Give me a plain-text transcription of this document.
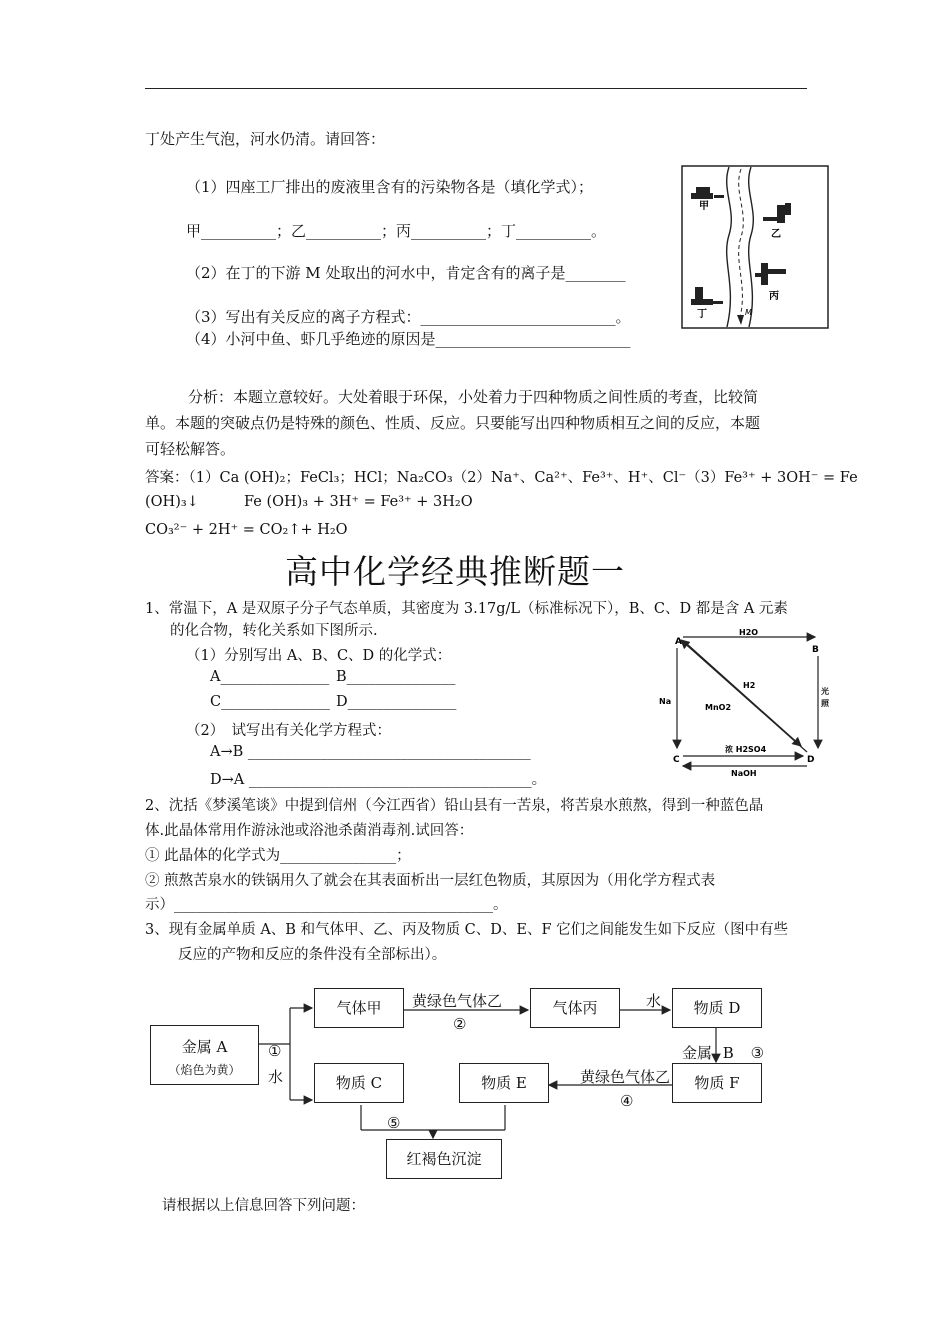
丁处产生气泡，河水仍清。请回答：
（1）四座工厂排出的废液里含有的污染物各是（填化学式）；
甲__________；乙__________；丙__________；丁__________。
（2）在丁的下游 M 处取出的河水中，肯定含有的离子是________
（3）写出有关反应的离子方程式：__________________________。
（4）小河中鱼、虾几乎绝迹的原因是__________________________
甲
乙
丙
丁	M
分析：本题立意较好。大处着眼于环保，小处着力于四种物质之间性质的考查，比较简
单。本题的突破点仍是特殊的颜色、性质、反应。只要能写出四种物质相互之间的反应，本题
可轻松解答。
答案：（1）Ca (OH)₂；FeCl₃；HCl；Na₂CO₃（2）Na⁺、Ca²⁺、Fe³⁺、H⁺、Cl⁻（3）Fe³⁺ + 3OH⁻ = Fe
(OH)₃↓	Fe (OH)₃ + 3H⁺ = Fe³⁺ + 3H₂O
CO₃²⁻ + 2H⁺ = CO₂↑+ H₂O
高中化学经典推断题一
1、常温下，A 是双原子分子气态单质，其密度为 3.17g/L（标准标况下），B、C、D 都是含 A 元素
的化合物，转化关系如下图所示.
（1）分别写出 A、B、C、D 的化学式：
A_______________ B_______________
C_______________ D_______________
（2）　试写出有关化学方程式：
A→B _______________________________________
D→A _______________________________________。
A
B
C	D
H2O
Na
光
照
H2
MnO2
浓 H2SO4
NaOH
2、沈括《梦溪笔谈》中提到信州（今江西省）铅山县有一苦泉，将苦泉水煎熬，得到一种蓝色晶
体.此晶体常用作游泳池或浴池杀菌消毒剂.试回答：
① 此晶体的化学式为________________；
② 煎熬苦泉水的铁锅用久了就会在其表面析出一层红色物质，其原因为（用化学方程式表
示）____________________________________________。
3、现有金属单质 A、B 和气体甲、乙、丙及物质 C、D、E、F 它们之间能发生如下反应（图中有些
反应的产物和反应的条件没有全部标出）。
金属 A
（焰色为黄）
气体甲	气体丙	物质 D
物质 C	物质 E	物质 F
红褐色沉淀
黄绿色气体乙
②
水
金属 B ③
①
水	黄绿色气体乙
④
⑤
请根据以上信息回答下列问题：
